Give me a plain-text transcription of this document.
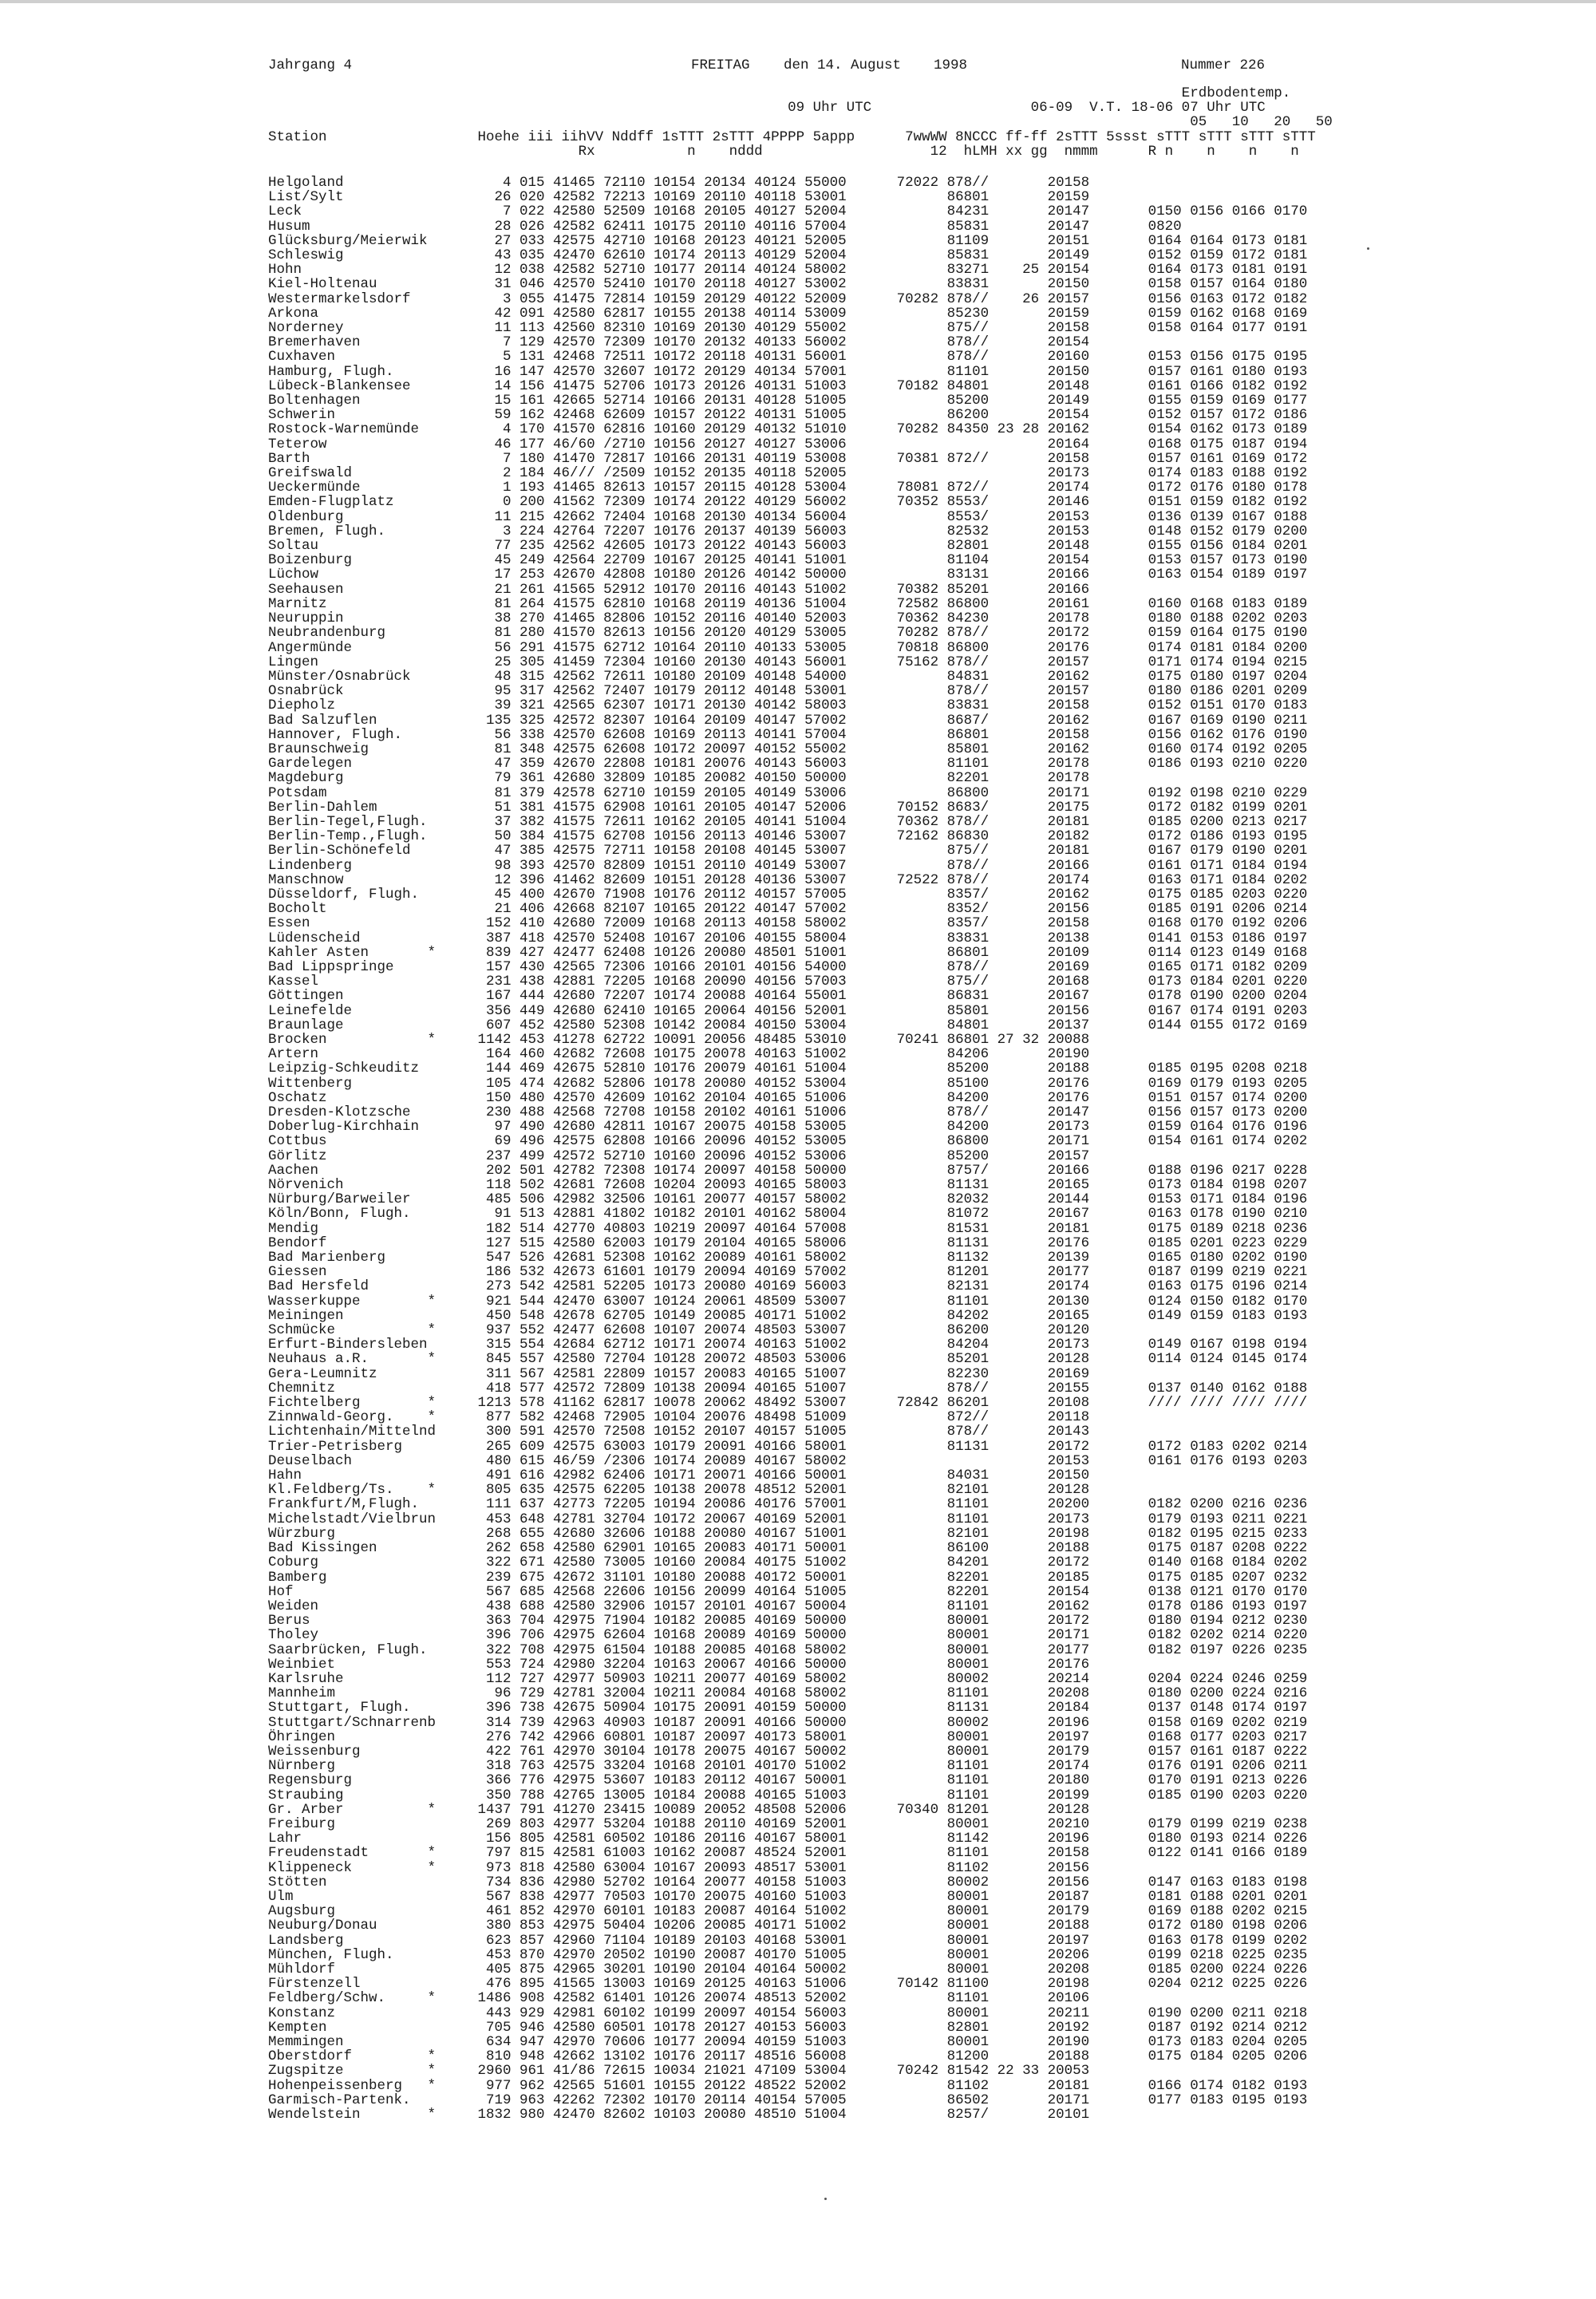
Jahrgang 4	FREITAG den 14. August 1998	Nummer 226
Erdbodentemp.
09 Uhr UTC                   06-09  V.T. 18-06 07 Uhr UTC
05   10   20   50
Station                  Hoehe iii iihVV Nddff 1sTTT 2sTTT 4PPPP 5appp      7wwWW 8NCCC ff-ff 2sTTT 5ssst sTTT sTTT sTTT sTTT
Rx           n    nddd                    12  hLMH xx gg  nmmm      R n    n    n    n
Helgoland                   4 015 41465 72110 10154 20134 40124 55000      72022 878//       20158
List/Sylt                  26 020 42582 72213 10169 20110 40118 53001            86801       20159
Leck                        7 022 42580 52509 10168 20105 40127 52004            84231       20147       0150 0156 0166 0170
Husum                      28 026 42582 62411 10175 20110 40116 57004            85831       20147       0820
Glücksburg/Meierwik        27 033 42575 42710 10168 20123 40121 52005            81109       20151       0164 0164 0173 0181
Schleswig                  43 035 42470 62610 10174 20113 40129 52004            85831       20149       0152 0159 0172 0181
Hohn                       12 038 42582 52710 10177 20114 40124 58002            83271    25 20154       0164 0173 0181 0191
Kiel-Holtenau              31 046 42570 52410 10170 20118 40127 53002            83831       20150       0158 0157 0164 0180
Westermarkelsdorf           3 055 41475 72814 10159 20129 40122 52009      70282 878//    26 20157       0156 0163 0172 0182
Arkona                     42 091 42580 62817 10155 20138 40114 53009            85230       20159       0159 0162 0168 0169
Norderney                  11 113 42560 82310 10169 20130 40129 55002            875//       20158       0158 0164 0177 0191
Bremerhaven                 7 129 42570 72309 10170 20132 40133 56002            878//       20154
Cuxhaven                    5 131 42468 72511 10172 20118 40131 56001            878//       20160       0153 0156 0175 0195
Hamburg, Flugh.            16 147 42570 32607 10172 20129 40134 57001            81101       20150       0157 0161 0180 0193
Lübeck-Blankensee          14 156 41475 52706 10173 20126 40131 51003      70182 84801       20148       0161 0166 0182 0192
Boltenhagen                15 161 42665 52714 10166 20131 40128 51005            85200       20149       0155 0159 0169 0177
Schwerin                   59 162 42468 62609 10157 20122 40131 51005            86200       20154       0152 0157 0172 0186
Rostock-Warnemünde          4 170 41570 62816 10160 20129 40132 51010      70282 84350 23 28 20162       0154 0162 0173 0189
Teterow                    46 177 46/60 /2710 10156 20127 40127 53006                        20164       0168 0175 0187 0194
Barth                       7 180 41470 72817 10166 20131 40119 53008      70381 872//       20158       0157 0161 0169 0172
Greifswald                  2 184 46/// /2509 10152 20135 40118 52005                        20173       0174 0183 0188 0192
Ueckermünde                 1 193 41465 82613 10157 20115 40128 53004      78081 872//       20174       0172 0176 0180 0178
Emden-Flugplatz             0 200 41562 72309 10174 20122 40129 56002      70352 8553/       20146       0151 0159 0182 0192
Oldenburg                  11 215 42662 72404 10168 20130 40134 56004            8553/       20153       0136 0139 0167 0188
Bremen, Flugh.              3 224 42764 72207 10176 20137 40139 56003            82532       20153       0148 0152 0179 0200
Soltau                     77 235 42562 42605 10173 20122 40143 56003            82801       20148       0155 0156 0184 0201
Boizenburg                 45 249 42564 22709 10167 20125 40141 51001            81104       20154       0153 0157 0173 0190
Lüchow                     17 253 42670 42808 10180 20126 40142 50000            83131       20166       0163 0154 0189 0197
Seehausen                  21 261 41565 52912 10170 20116 40143 51002      70382 85201       20166
Marnitz                    81 264 41575 62810 10168 20119 40136 51004      72582 86800       20161       0160 0168 0183 0189
Neuruppin                  38 270 41465 82806 10152 20116 40140 52003      70362 84230       20178       0180 0188 0202 0203
Neubrandenburg             81 280 41570 82613 10156 20120 40129 53005      70282 878//       20172       0159 0164 0175 0190
Angermünde                 56 291 41575 62712 10164 20110 40133 53005      70818 86800       20176       0174 0181 0184 0200
Lingen                     25 305 41459 72304 10160 20130 40143 56001      75162 878//       20157       0171 0174 0194 0215
Münster/Osnabrück          48 315 42562 72611 10180 20109 40148 54000            84831       20162       0175 0180 0197 0204
Osnabrück                  95 317 42562 72407 10179 20112 40148 53001            878//       20157       0180 0186 0201 0209
Diepholz                   39 321 42565 62307 10171 20130 40142 58003            83831       20158       0152 0151 0170 0183
Bad Salzuflen             135 325 42572 82307 10164 20109 40147 57002            8687/       20162       0167 0169 0190 0211
Hannover, Flugh.           56 338 42570 62608 10169 20113 40141 57004            86801       20158       0156 0162 0176 0190
Braunschweig               81 348 42575 62608 10172 20097 40152 55002            85801       20162       0160 0174 0192 0205
Gardelegen                 47 359 42670 22808 10181 20076 40143 56003            81101       20178       0186 0193 0210 0220
Magdeburg                  79 361 42680 32809 10185 20082 40150 50000            82201       20178
Potsdam                    81 379 42578 62710 10159 20105 40149 53006            86800       20171       0192 0198 0210 0229
Berlin-Dahlem              51 381 41575 62908 10161 20105 40147 52006      70152 8683/       20175       0172 0182 0199 0201
Berlin-Tegel,Flugh.        37 382 41575 72611 10162 20105 40141 51004      70362 878//       20181       0185 0200 0213 0217
Berlin-Temp.,Flugh.        50 384 41575 62708 10156 20113 40146 53007      72162 86830       20182       0172 0186 0193 0195
Berlin-Schönefeld          47 385 42575 72711 10158 20108 40145 53007            875//       20181       0167 0179 0190 0201
Lindenberg                 98 393 42570 82809 10151 20110 40149 53007            878//       20166       0161 0171 0184 0194
Manschnow                  12 396 41462 82609 10151 20128 40136 53007      72522 878//       20174       0163 0171 0184 0202
Düsseldorf, Flugh.         45 400 42670 71908 10176 20112 40157 57005            8357/       20162       0175 0185 0203 0220
Bocholt                    21 406 42668 82107 10165 20122 40147 57002            8352/       20156       0185 0191 0206 0214
Essen                     152 410 42680 72009 10168 20113 40158 58002            8357/       20158       0168 0170 0192 0206
Lüdenscheid               387 418 42570 52408 10167 20106 40155 58004            83831       20138       0141 0153 0186 0197
Kahler Asten       *      839 427 42477 62408 10126 20080 48501 51001            86801       20109       0114 0123 0149 0168
Bad Lippspringe           157 430 42565 72306 10166 20101 40156 54000            878//       20169       0165 0171 0182 0209
Kassel                    231 438 42881 72205 10168 20090 40156 57003            875//       20168       0173 0184 0201 0220
Göttingen                 167 444 42680 72207 10174 20088 40164 55001            86831       20167       0178 0190 0200 0204
Leinefelde                356 449 42680 62410 10165 20064 40156 52001            85801       20156       0167 0174 0191 0203
Braunlage                 607 452 42580 52308 10142 20084 40150 53004            84801       20137       0144 0155 0172 0169
Brocken            *     1142 453 41278 62722 10091 20056 48485 53010      70241 86801 27 32 20088
Artern                    164 460 42682 72608 10175 20078 40163 51002            84206       20190
Leipzig-Schkeuditz        144 469 42675 52810 10176 20079 40161 51004            85200       20188       0185 0195 0208 0218
Wittenberg                105 474 42682 52806 10178 20080 40152 53004            85100       20176       0169 0179 0193 0205
Oschatz                   150 480 42570 42609 10162 20104 40165 51006            84200       20176       0151 0157 0174 0200
Dresden-Klotzsche         230 488 42568 72708 10158 20102 40161 51006            878//       20147       0156 0157 0173 0200
Doberlug-Kirchhain         97 490 42680 42811 10167 20075 40158 53005            84200       20173       0159 0164 0176 0196
Cottbus                    69 496 42575 62808 10166 20096 40152 53005            86800       20171       0154 0161 0174 0202
Görlitz                   237 499 42572 52710 10160 20096 40152 53006            85200       20157
Aachen                    202 501 42782 72308 10174 20097 40158 50000            8757/       20166       0188 0196 0217 0228
Nörvenich                 118 502 42681 72608 10204 20093 40165 58003            81131       20165       0173 0184 0198 0207
Nürburg/Barweiler         485 506 42982 32506 10161 20077 40157 58002            82032       20144       0153 0171 0184 0196
Köln/Bonn, Flugh.          91 513 42881 41802 10182 20101 40162 58004            81072       20167       0163 0178 0190 0210
Mendig                    182 514 42770 40803 10219 20097 40164 57008            81531       20181       0175 0189 0218 0236
Bendorf                   127 515 42580 62003 10179 20104 40165 58006            81131       20176       0185 0201 0223 0229
Bad Marienberg            547 526 42681 52308 10162 20089 40161 58002            81132       20139       0165 0180 0202 0190
Giessen                   186 532 42673 61601 10179 20094 40169 57002            81201       20177       0187 0199 0219 0221
Bad Hersfeld              273 542 42581 52205 10173 20080 40169 56003            82131       20174       0163 0175 0196 0214
Wasserkuppe        *      921 544 42470 63007 10124 20061 48509 53007            81101       20130       0124 0150 0182 0170
Meiningen                 450 548 42678 62705 10149 20085 40171 51002            84202       20165       0149 0159 0183 0193
Schmücke           *      937 552 42477 62608 10107 20074 48503 53007            86200       20120
Erfurt-Bindersleben       315 554 42684 62712 10171 20074 40163 51002            84204       20173       0149 0167 0198 0194
Neuhaus a.R.       *      845 557 42580 72704 10128 20072 48503 53006            85201       20128       0114 0124 0145 0174
Gera-Leumnitz             311 567 42581 22809 10157 20083 40165 51007            82230       20169
Chemnitz                  418 577 42572 72809 10138 20094 40165 51007            878//       20155       0137 0140 0162 0188
Fichtelberg        *     1213 578 41162 62817 10078 20062 48492 53007      72842 86201       20108       //// //// //// ////
Zinnwald-Georg.    *      877 582 42468 72905 10104 20076 48498 51009            872//       20118
Lichtenhain/Mittelnd      300 591 42570 72508 10152 20107 40157 51005            878//       20143
Trier-Petrisberg          265 609 42575 63003 10179 20091 40166 58001            81131       20172       0172 0183 0202 0214
Deuselbach                480 615 46/59 /2306 10174 20089 40167 58002                        20153       0161 0176 0193 0203
Hahn                      491 616 42982 62406 10171 20071 40166 50001            84031       20150
Kl.Feldberg/Ts.    *      805 635 42575 62205 10138 20078 48512 52001            82101       20128
Frankfurt/M,Flugh.        111 637 42773 72205 10194 20086 40176 57001            81101       20200       0182 0200 0216 0236
Michelstadt/Vielbrun      453 648 42781 32704 10172 20067 40169 52001            81101       20173       0179 0193 0211 0221
Würzburg                  268 655 42680 32606 10188 20080 40167 51001            82101       20198       0182 0195 0215 0233
Bad Kissingen             262 658 42580 62901 10165 20083 40171 50001            86100       20188       0175 0187 0208 0222
Coburg                    322 671 42580 73005 10160 20084 40175 51002            84201       20172       0140 0168 0184 0202
Bamberg                   239 675 42672 31101 10180 20088 40172 50001            82201       20185       0175 0185 0207 0232
Hof                       567 685 42568 22606 10156 20099 40164 51005            82201       20154       0138 0121 0170 0170
Weiden                    438 688 42580 32906 10157 20101 40167 50004            81101       20162       0178 0186 0193 0197
Berus                     363 704 42975 71904 10182 20085 40169 50000            80001       20172       0180 0194 0212 0230
Tholey                    396 706 42975 62604 10168 20089 40169 50000            80001       20171       0182 0202 0214 0220
Saarbrücken, Flugh.       322 708 42975 61504 10188 20085 40168 58002            80001       20177       0182 0197 0226 0235
Weinbiet                  553 724 42980 32204 10163 20067 40166 50000            80001       20176
Karlsruhe                 112 727 42977 50903 10211 20077 40169 58002            80002       20214       0204 0224 0246 0259
Mannheim                   96 729 42781 32004 10211 20084 40168 58002            81101       20208       0180 0200 0224 0216
Stuttgart, Flugh.         396 738 42675 50904 10175 20091 40159 50000            81131       20184       0137 0148 0174 0197
Stuttgart/Schnarrenb      314 739 42963 40903 10187 20091 40166 50000            80002       20196       0158 0169 0202 0219
Öhringen                  276 742 42966 60801 10187 20097 40173 58001            80001       20197       0168 0177 0203 0217
Weissenburg               422 761 42970 30104 10178 20075 40167 50002            80001       20179       0157 0161 0187 0222
Nürnberg                  318 763 42575 33204 10168 20101 40170 51002            81101       20174       0176 0191 0206 0211
Regensburg                366 776 42975 53607 10183 20112 40167 50001            81101       20180       0170 0191 0213 0226
Straubing                 350 788 42765 13005 10184 20088 40165 51003            81101       20199       0185 0190 0203 0220
Gr. Arber          *     1437 791 41270 23415 10089 20052 48508 52006      70340 81201       20128
Freiburg                  269 803 42977 53204 10188 20110 40169 52001            80001       20210       0179 0199 0219 0238
Lahr                      156 805 42581 60502 10186 20116 40167 58001            81142       20196       0180 0193 0214 0226
Freudenstadt       *      797 815 42581 61003 10162 20087 48524 52001            81101       20158       0122 0141 0166 0189
Klippeneck         *      973 818 42580 63004 10167 20093 48517 53001            81102       20156
Stötten                   734 836 42980 52702 10164 20077 40158 51003            80002       20156       0147 0163 0183 0198
Ulm                       567 838 42977 70503 10170 20075 40160 51003            80001       20187       0181 0188 0201 0201
Augsburg                  461 852 42970 60101 10183 20087 40164 51002            80001       20179       0169 0188 0202 0215
Neuburg/Donau             380 853 42975 50404 10206 20085 40171 51002            80001       20188       0172 0180 0198 0206
Landsberg                 623 857 42960 71104 10189 20103 40168 53001            80001       20197       0163 0178 0199 0202
München, Flugh.           453 870 42970 20502 10190 20087 40170 51005            80001       20206       0199 0218 0225 0235
Mühldorf                  405 875 42965 30201 10190 20104 40164 50002            80001       20208       0185 0200 0224 0226
Fürstenzell               476 895 41565 13003 10169 20125 40163 51006      70142 81100       20198       0204 0212 0225 0226
Feldberg/Schw.     *     1486 908 42582 61401 10126 20074 48513 52002            81101       20106
Konstanz                  443 929 42981 60102 10199 20097 40154 56003            80001       20211       0190 0200 0211 0218
Kempten                   705 946 42580 60501 10178 20127 40153 56003            82801       20192       0187 0192 0214 0212
Memmingen                 634 947 42970 70606 10177 20094 40159 51003            80001       20190       0173 0183 0204 0205
Oberstdorf         *      810 948 42662 13102 10176 20117 48516 56008            81200       20188       0175 0184 0205 0206
Zugspitze          *     2960 961 41/86 72615 10034 21021 47109 53004      70242 81542 22 33 20053
Hohenpeissenberg   *      977 962 42565 51601 10155 20122 48522 52002            81102       20181       0166 0174 0182 0193
Garmisch-Partenk.         719 963 42262 72302 10170 20114 40154 57005            86502       20171       0177 0183 0195 0193
Wendelstein        *     1832 980 42470 82602 10103 20080 48510 51004            8257/       20101
